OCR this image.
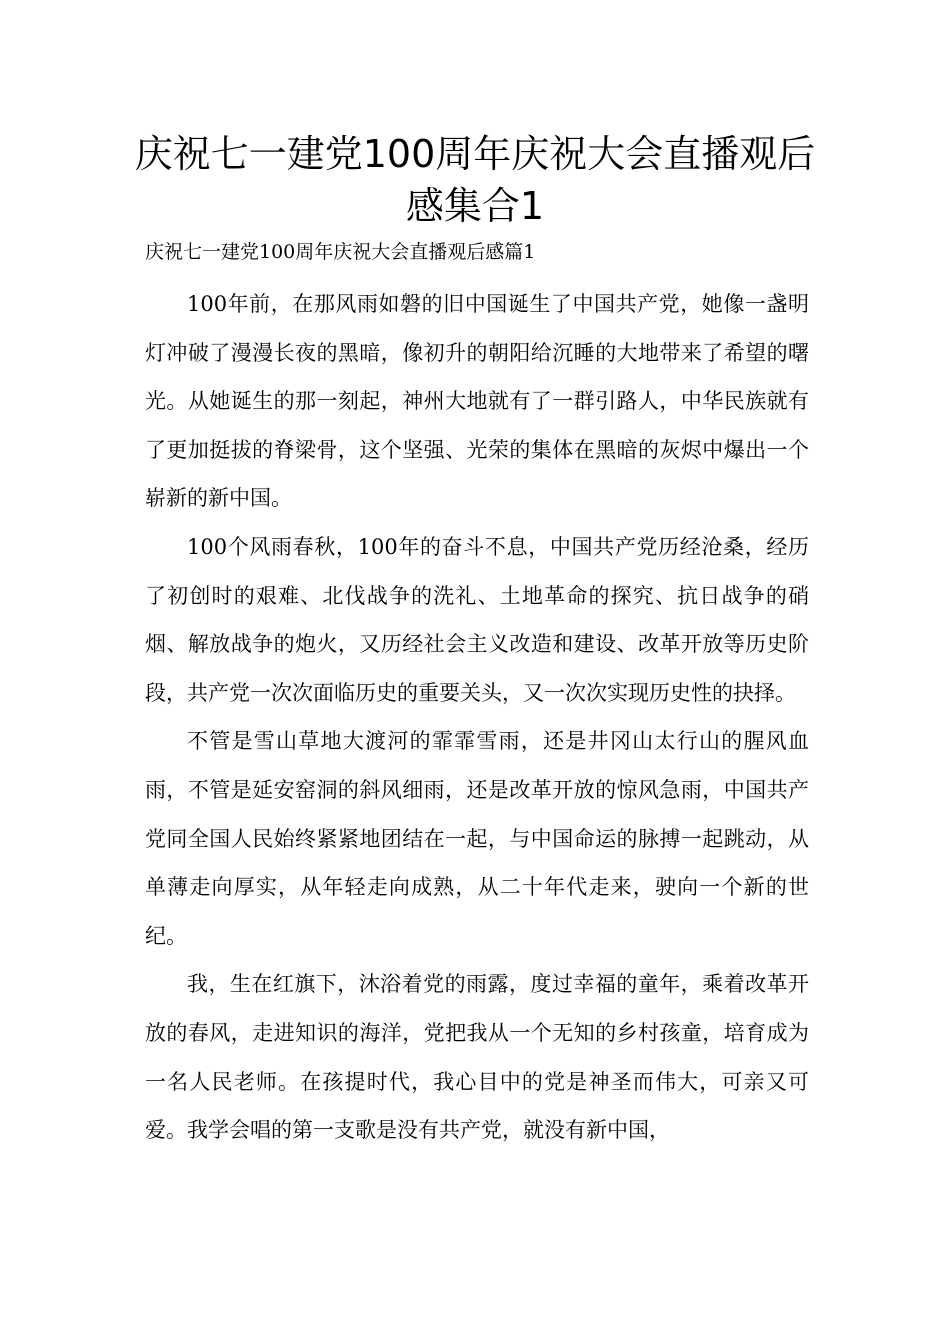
庆祝七一建党100周年庆祝大会直播观后感集合1

庆祝七一建党100周年庆祝大会直播观后感篇1

100年前，在那风雨如磐的旧中国诞生了中国共产党，她像一盏明灯冲破了漫漫长夜的黑暗，像初升的朝阳给沉睡的大地带来了希望的曙光。从她诞生的那一刻起，神州大地就有了一群引路人，中华民族就有了更加挺拔的脊梁骨，这个坚强、光荣的集体在黑暗的灰烬中爆出一个崭新的新中国。

100个风雨春秋，100年的奋斗不息，中国共产党历经沧桑，经历了初创时的艰难、北伐战争的洗礼、土地革命的探究、抗日战争的硝烟、解放战争的炮火，又历经社会主义改造和建设、改革开放等历史阶段，共产党一次次面临历史的重要关头，又一次次实现历史性的抉择。

不管是雪山草地大渡河的霏霏雪雨，还是井冈山太行山的腥风血雨，不管是延安窑洞的斜风细雨，还是改革开放的惊风急雨，中国共产党同全国人民始终紧紧地团结在一起，与中国命运的脉搏一起跳动，从单薄走向厚实，从年轻走向成熟，从二十年代走来，驶向一个新的世纪。

我，生在红旗下，沐浴着党的雨露，度过幸福的童年，乘着改革开放的春风，走进知识的海洋，党把我从一个无知的乡村孩童，培育成为一名人民老师。在孩提时代，我心目中的党是神圣而伟大，可亲又可爱。我学会唱的第一支歌是没有共产党，就没有新中国，
